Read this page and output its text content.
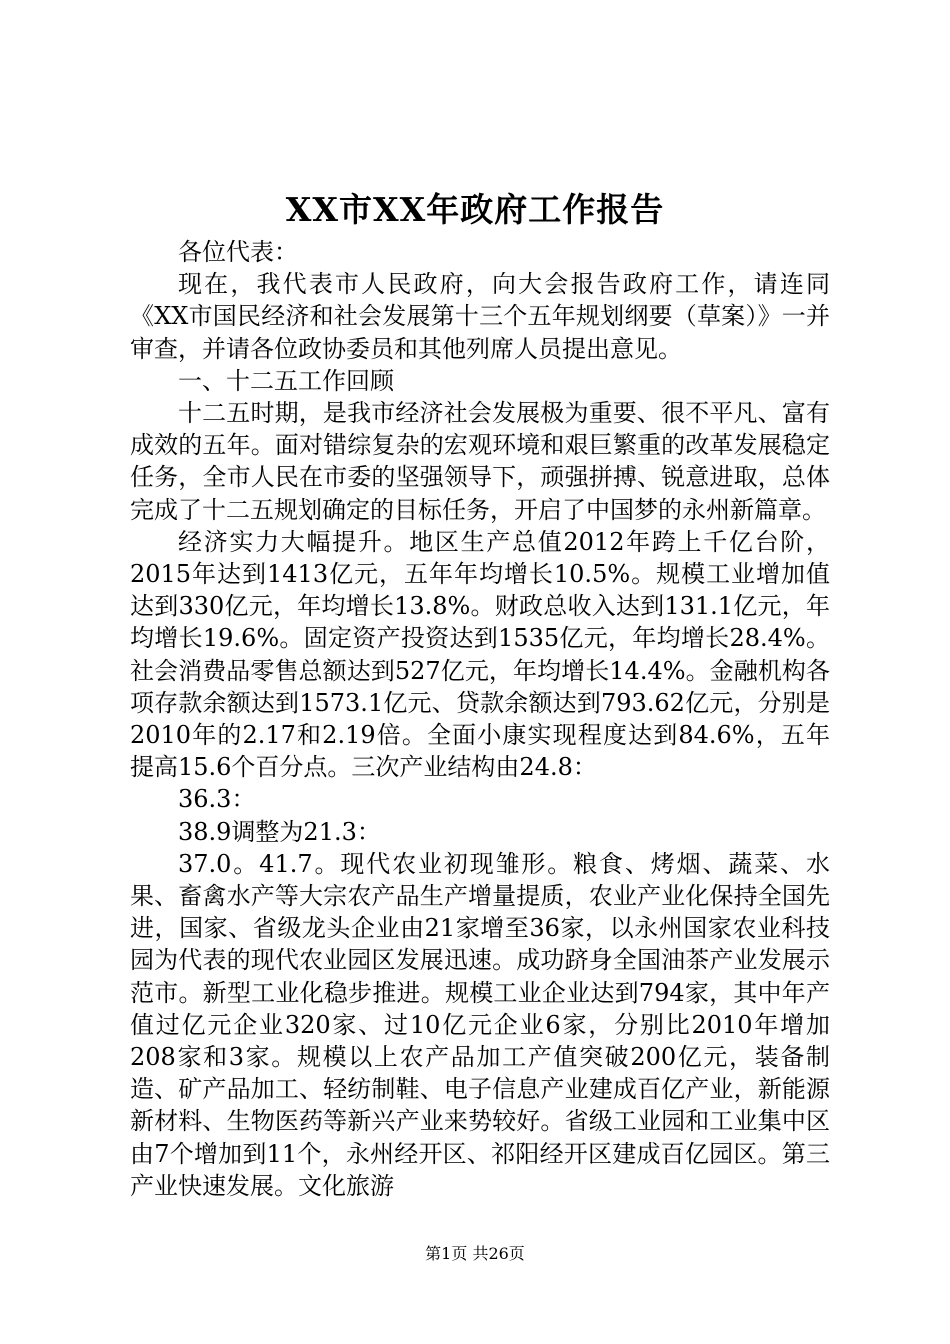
XX市XX年政府工作报告

各位代表：

现在，我代表市人民政府，向大会报告政府工作，请连同《XX市国民经济和社会发展第十三个五年规划纲要（草案）》一并审查，并请各位政协委员和其他列席人员提出意见。

一、十二五工作回顾

十二五时期，是我市经济社会发展极为重要、很不平凡、富有成效的五年。面对错综复杂的宏观环境和艰巨繁重的改革发展稳定任务，全市人民在市委的坚强领导下，顽强拼搏、锐意进取，总体完成了十二五规划确定的目标任务，开启了中国梦的永州新篇章。

经济实力大幅提升。地区生产总值2012年跨上千亿台阶，2015年达到1413亿元，五年年均增长10.5%。规模工业增加值达到330亿元，年均增长13.8%。财政总收入达到131.1亿元，年均增长19.6%。固定资产投资达到1535亿元，年均增长28.4%。社会消费品零售总额达到527亿元，年均增长14.4%。金融机构各项存款余额达到1573.1亿元、贷款余额达到793.62亿元，分别是2010年的2.17和2.19倍。全面小康实现程度达到84.6%，五年提高15.6个百分点。三次产业结构由24.8：

36.3：

38.9调整为21.3：

37.0。41.7。现代农业初现雏形。粮食、烤烟、蔬菜、水果、畜禽水产等大宗农产品生产增量提质，农业产业化保持全国先进，国家、省级龙头企业由21家增至36家，以永州国家农业科技园为代表的现代农业园区发展迅速。成功跻身全国油茶产业发展示范市。新型工业化稳步推进。规模工业企业达到794家，其中年产值过亿元企业320家、过10亿元企业6家，分别比2010年增加208家和3家。规模以上农产品加工产值突破200亿元，装备制造、矿产品加工、轻纺制鞋、电子信息产业建成百亿产业，新能源新材料、生物医药等新兴产业来势较好。省级工业园和工业集中区由7个增加到11个，永州经开区、祁阳经开区建成百亿园区。第三产业快速发展。文化旅游

第1页 共26页
